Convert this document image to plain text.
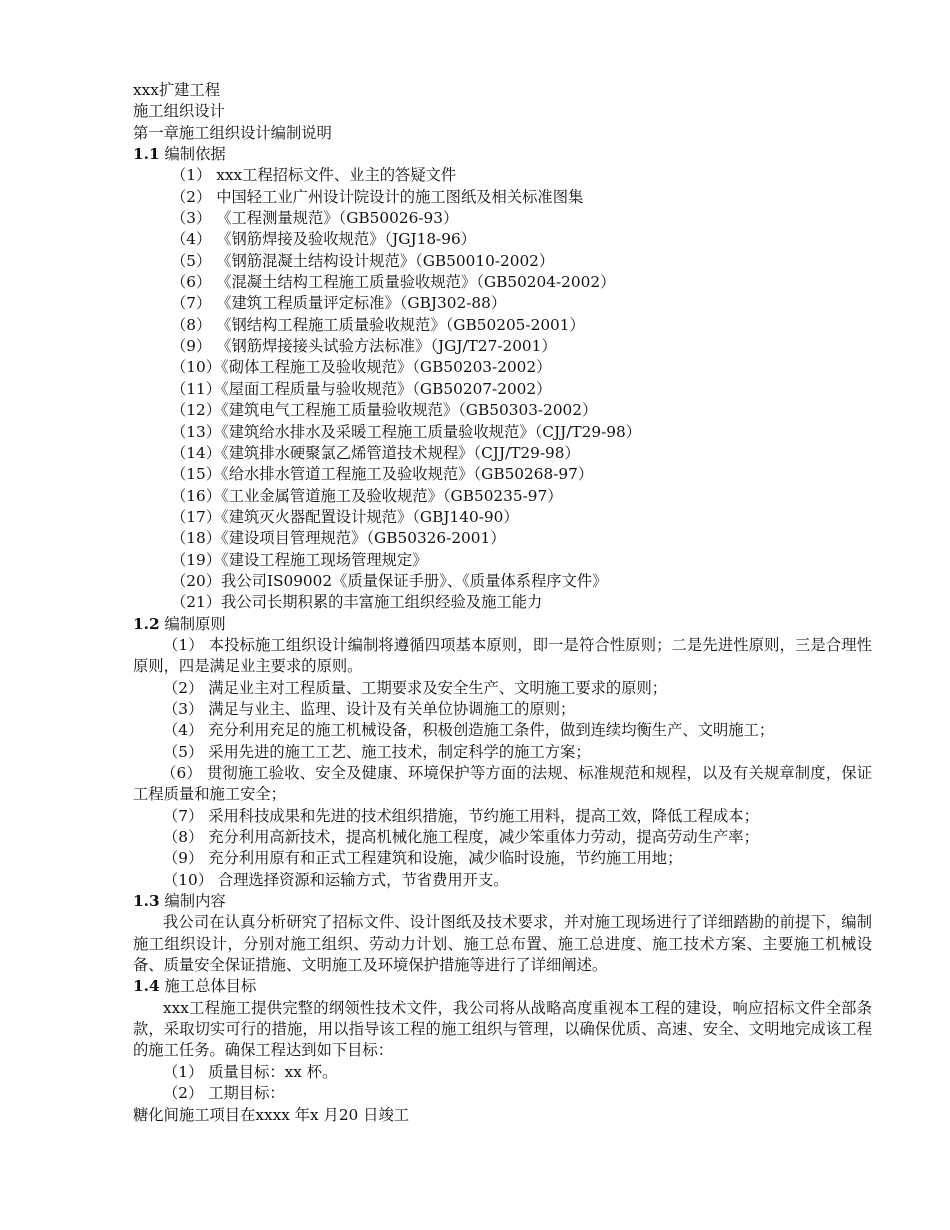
xxx扩建工程

施工组织设计

第一章施工组织设计编制说明

1.1 编制依据

（1） xxx工程招标文件、业主的答疑文件

（2） 中国轻工业广州设计院设计的施工图纸及相关标准图集

（3） 《工程测量规范》（GB50026-93）

（4） 《钢筋焊接及验收规范》（JGJ18-96）

（5） 《钢筋混凝土结构设计规范》（GB50010-2002）

（6） 《混凝土结构工程施工质量验收规范》（GB50204-2002）

（7） 《建筑工程质量评定标准》（GBJ302-88）

（8） 《钢结构工程施工质量验收规范》（GB50205-2001）

（9） 《钢筋焊接接头试验方法标准》（JGJ/T27-2001）

（10）《砌体工程施工及验收规范》（GB50203-2002）

（11）《屋面工程质量与验收规范》（GB50207-2002）

（12）《建筑电气工程施工质量验收规范》（GB50303-2002）

（13）《建筑给水排水及采暖工程施工质量验收规范》（CJJ/T29-98）

（14）《建筑排水硬聚氯乙烯管道技术规程》（CJJ/T29-98）

（15）《给水排水管道工程施工及验收规范》（GB50268-97）

（16）《工业金属管道施工及验收规范》（GB50235-97）

（17）《建筑灭火器配置设计规范》（GBJ140-90）

（18）《建设项目管理规范》（GB50326-2001）

（19）《建设工程施工现场管理规定》

（20）我公司IS09002《质量保证手册》、《质量体系程序文件》

（21）我公司长期积累的丰富施工组织经验及施工能力

1.2 编制原则

（1） 本投标施工组织设计编制将遵循四项基本原则，即一是符合性原则；二是先进性原则，三是合理性原则，四是满足业主要求的原则。

（2） 满足业主对工程质量、工期要求及安全生产、文明施工要求的原则；

（3） 满足与业主、监理、设计及有关单位协调施工的原则；

（4） 充分利用充足的施工机械设备，积极创造施工条件，做到连续均衡生产、文明施工；

（5） 采用先进的施工工艺、施工技术，制定科学的施工方案；

（6） 贯彻施工验收、安全及健康、环境保护等方面的法规、标准规范和规程，以及有关规章制度，保证工程质量和施工安全；

（7） 采用科技成果和先进的技术组织措施，节约施工用料，提高工效，降低工程成本；

（8） 充分利用高新技术，提高机械化施工程度，减少笨重体力劳动，提高劳动生产率；

（9） 充分利用原有和正式工程建筑和设施，减少临时设施，节约施工用地；

（10） 合理选择资源和运输方式，节省费用开支。

1.3 编制内容

我公司在认真分析研究了招标文件、设计图纸及技术要求，并对施工现场进行了详细踏勘的前提下，编制施工组织设计，分别对施工组织、劳动力计划、施工总布置、施工总进度、施工技术方案、主要施工机械设备、质量安全保证措施、文明施工及环境保护措施等进行了详细阐述。

1.4 施工总体目标

xxx工程施工提供完整的纲领性技术文件，我公司将从战略高度重视本工程的建设，响应招标文件全部条款，采取切实可行的措施，用以指导该工程的施工组织与管理，以确保优质、高速、安全、文明地完成该工程的施工任务。确保工程达到如下目标：

（1） 质量目标：xx 杯。

（2） 工期目标：

糖化间施工项目在xxxx 年x 月20 日竣工
